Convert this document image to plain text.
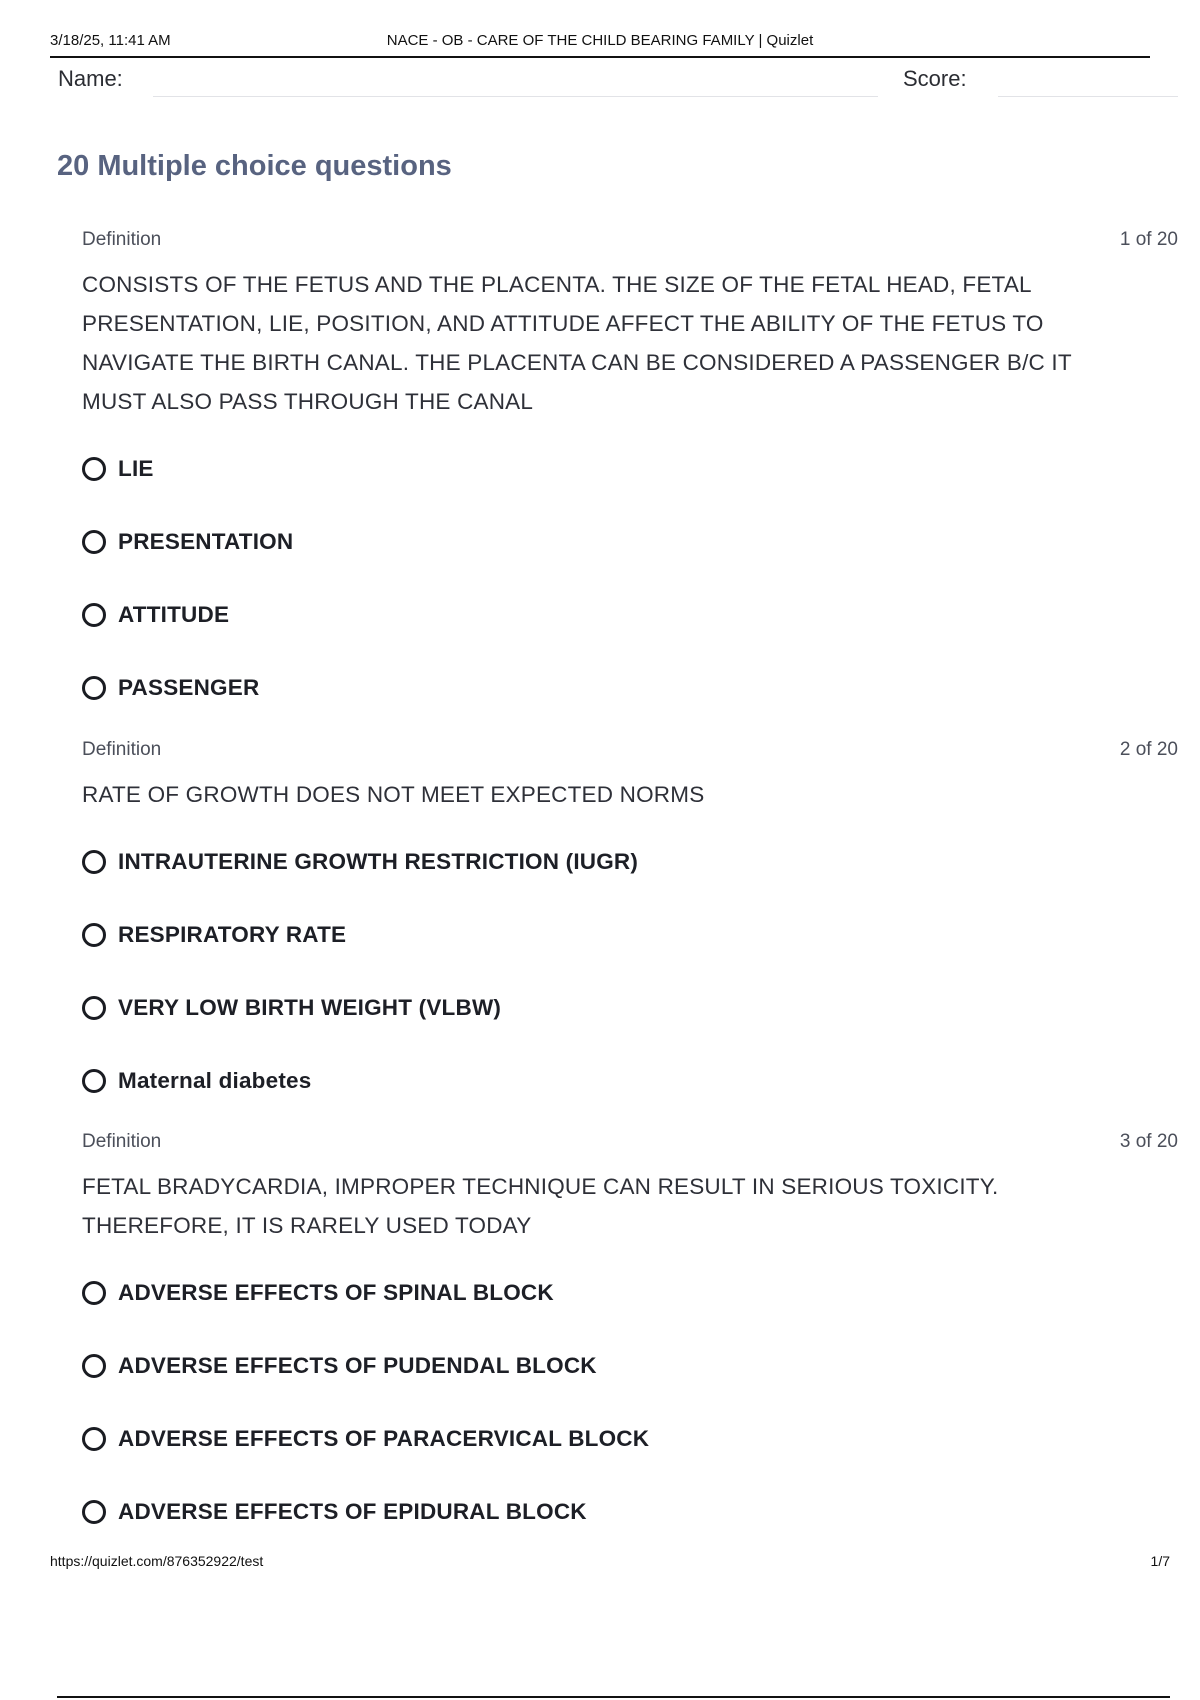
3/18/25, 11:41 AM	NACE - OB - CARE OF THE CHILD BEARING FAMILY | Quizlet
Name:	Score:
20 Multiple choice questions
Definition	1 of 20
CONSISTS OF THE FETUS AND THE PLACENTA. THE SIZE OF THE FETAL HEAD, FETAL PRESENTATION, LIE, POSITION, AND ATTITUDE AFFECT THE ABILITY OF THE FETUS TO NAVIGATE THE BIRTH CANAL. THE PLACENTA CAN BE CONSIDERED A PASSENGER B/C IT MUST ALSO PASS THROUGH THE CANAL
LIE
PRESENTATION
ATTITUDE
PASSENGER
Definition	2 of 20
RATE OF GROWTH DOES NOT MEET EXPECTED NORMS
INTRAUTERINE GROWTH RESTRICTION (IUGR)
RESPIRATORY RATE
VERY LOW BIRTH WEIGHT (VLBW)
Maternal diabetes
Definition	3 of 20
FETAL BRADYCARDIA, IMPROPER TECHNIQUE CAN RESULT IN SERIOUS TOXICITY. THEREFORE, IT IS RARELY USED TODAY
ADVERSE EFFECTS OF SPINAL BLOCK
ADVERSE EFFECTS OF PUDENDAL BLOCK
ADVERSE EFFECTS OF PARACERVICAL BLOCK
ADVERSE EFFECTS OF EPIDURAL BLOCK
https://quizlet.com/876352922/test	1/7
